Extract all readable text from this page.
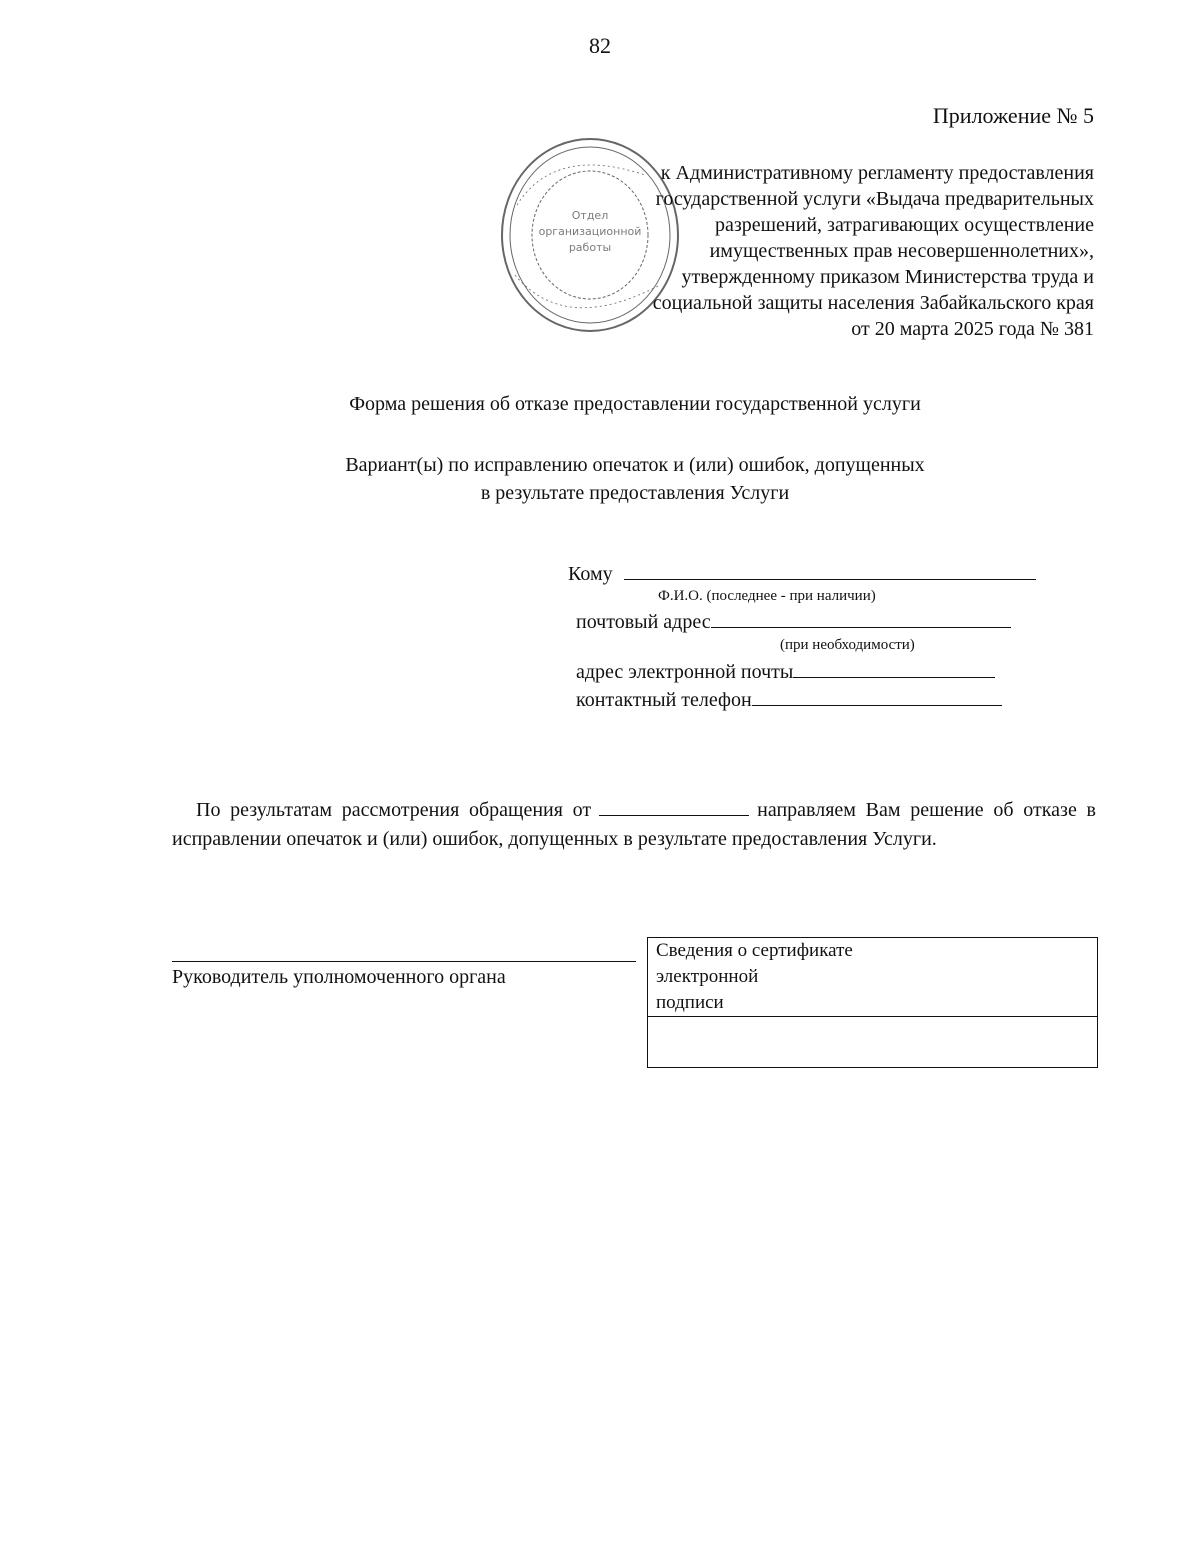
82
Приложение № 5
Отдел
организационной
работы
к Административному регламенту предоставления
государственной услуги «Выдача предварительных
разрешений, затрагивающих осуществление
имущественных прав несовершеннолетних»,
утвержденному приказом Министерства труда и
социальной защиты населения Забайкальского края
от 20 марта 2025 года № 381
Форма решения об отказе предоставлении государственной услуги
Вариант(ы) по исправлению опечаток и (или) ошибок, допущенных
в результате предоставления Услуги
Кому
Ф.И.О. (последнее - при наличии)
почтовый адрес
(при необходимости)
адрес электронной почты
контактный телефон
По результатам рассмотрения обращения от	направляем Вам решение об отказе в исправлении опечаток и (или) ошибок, допущенных в результате предоставления Услуги.
Руководитель уполномоченного органа
Сведения о сертификате
электронной
подписи
